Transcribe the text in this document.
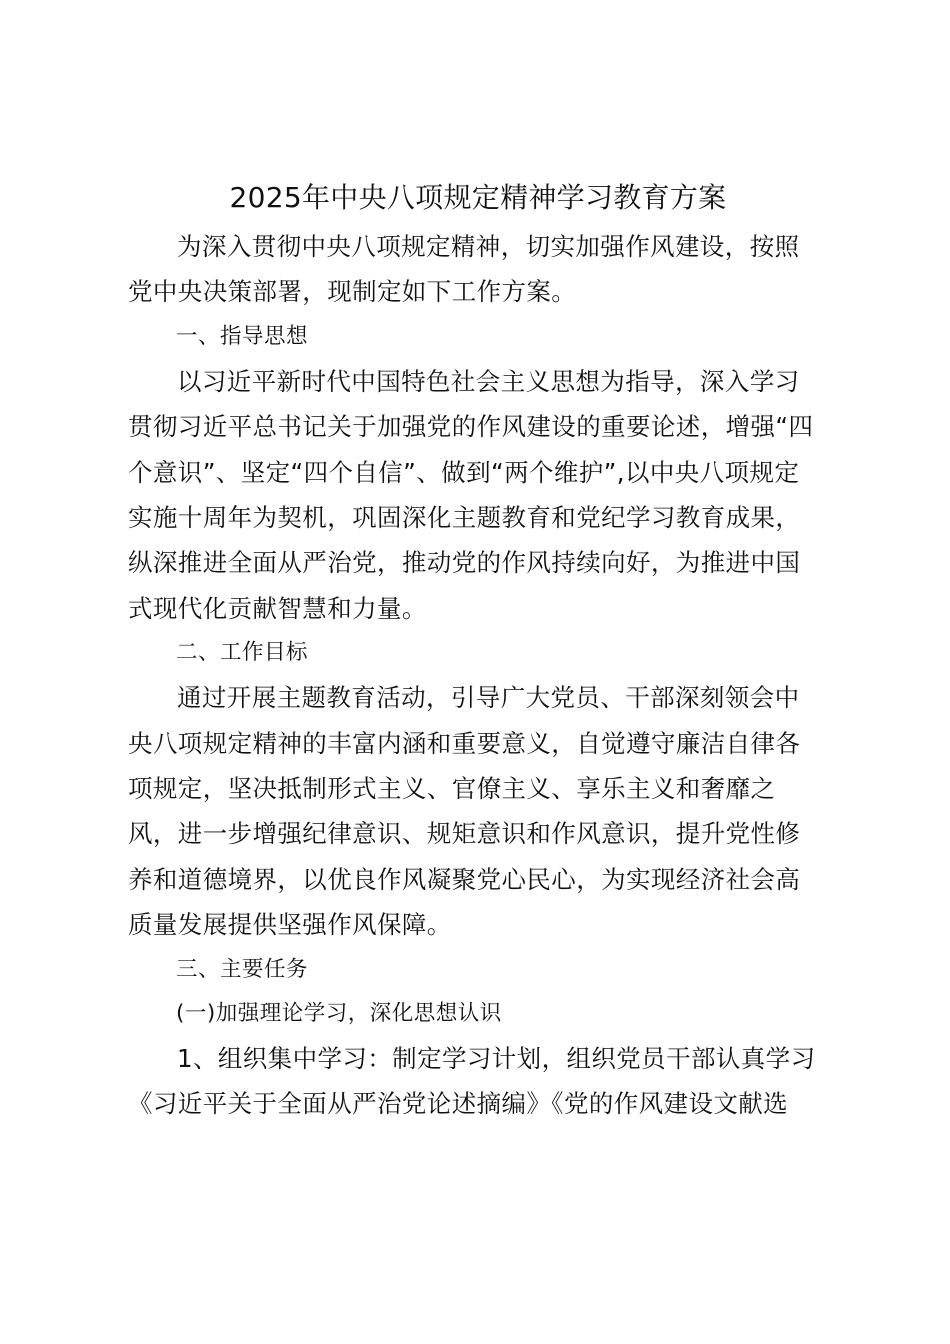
2025年中央八项规定精神学习教育方案

为深入贯彻中央八项规定精神，切实加强作风建设，按照
党中央决策部署，现制定如下工作方案。

一、指导思想

以习近平新时代中国特色社会主义思想为指导，深入学习
贯彻习近平总书记关于加强党的作风建设的重要论述，增强“四
个意识”、坚定“四个自信”、做到“两个维护”,以中央八项规定
实施十周年为契机，巩固深化主题教育和党纪学习教育成果，
纵深推进全面从严治党，推动党的作风持续向好，为推进中国
式现代化贡献智慧和力量。

二、工作目标

通过开展主题教育活动，引导广大党员、干部深刻领会中
央八项规定精神的丰富内涵和重要意义，自觉遵守廉洁自律各
项规定，坚决抵制形式主义、官僚主义、享乐主义和奢靡之
风，进一步增强纪律意识、规矩意识和作风意识，提升党性修
养和道德境界，以优良作风凝聚党心民心，为实现经济社会高
质量发展提供坚强作风保障。

三、主要任务

(一)加强理论学习，深化思想认识

1、组织集中学习：制定学习计划，组织党员干部认真学习
《习近平关于全面从严治党论述摘编》《党的作风建设文献选
